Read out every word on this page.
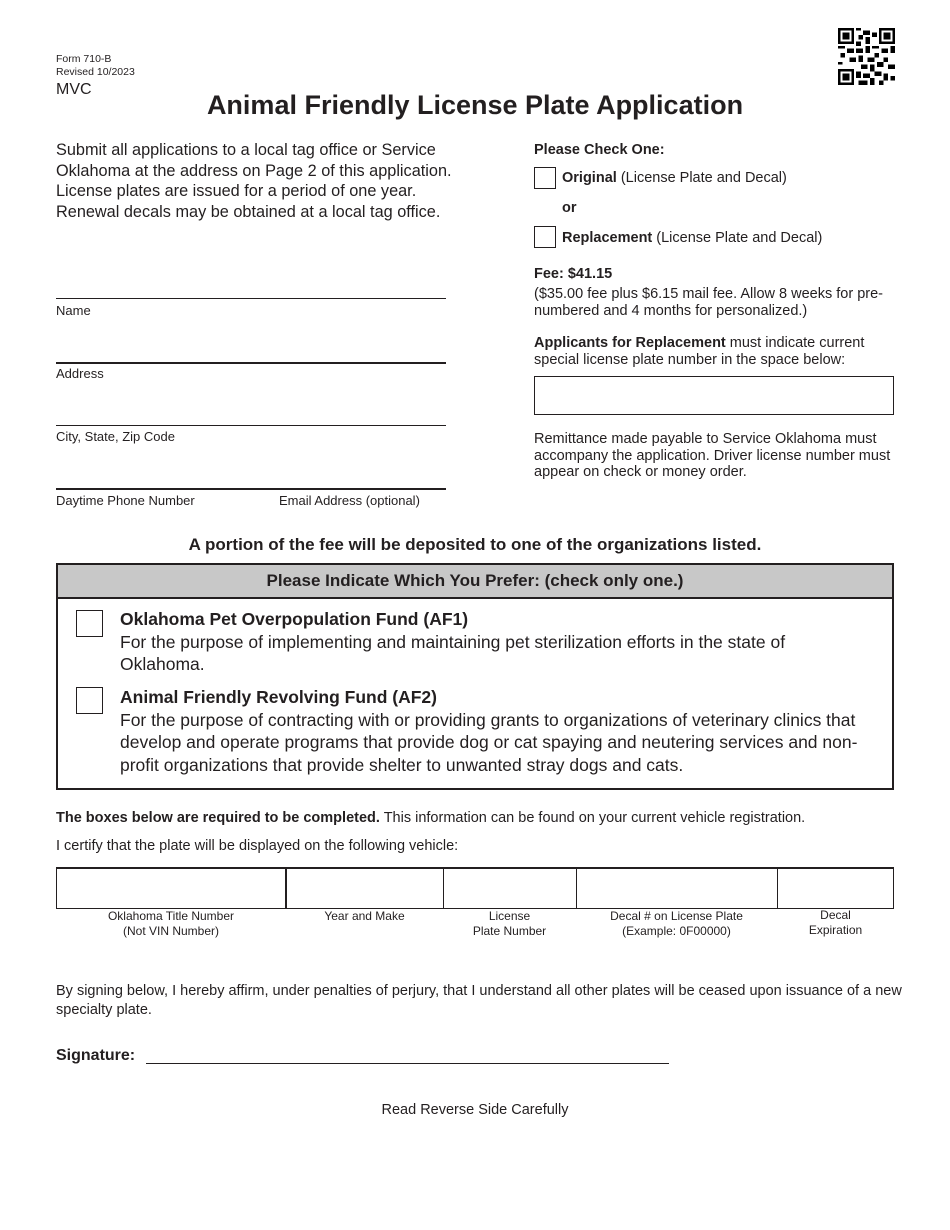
Form 710-B
Revised 10/2023
MVC
Animal Friendly License Plate Application
Submit all applications to a local tag office or Service Oklahoma at the address on Page 2 of this application. License plates are issued for a period of one year. Renewal decals may be obtained at a local tag office.
Name
Address
City, State, Zip Code
Daytime Phone Number	Email Address (optional)
Please Check One:
Original (License Plate and Decal)
or
Replacement (License Plate and Decal)
Fee: $41.15
($35.00 fee plus $6.15 mail fee. Allow 8 weeks for pre-numbered and 4 months for personalized.)
Applicants for Replacement must indicate current special license plate number in the space below:
Remittance made payable to Service Oklahoma must accompany the application. Driver license number must appear on check or money order.
A portion of the fee will be deposited to one of the organizations listed.
Please Indicate Which You Prefer: (check only one.)
Oklahoma Pet Overpopulation Fund (AF1)
For the purpose of implementing and maintaining pet sterilization efforts in the state of Oklahoma.
Animal Friendly Revolving Fund (AF2)
For the purpose of contracting with or providing grants to organizations of veterinary clinics that develop and operate programs that provide dog or cat spaying and neutering services and non-profit organizations that provide shelter to unwanted stray dogs and cats.
The boxes below are required to be completed. This information can be found on your current vehicle registration.
I certify that the plate will be displayed on the following vehicle:
Oklahoma Title Number
(Not VIN Number)
Year and Make	License
Plate Number
Decal # on License Plate
(Example: 0F00000)
Decal
Expiration
By signing below, I hereby affirm, under penalties of perjury, that I understand all other plates will be ceased upon issuance of a new specialty plate.
Signature:
Read Reverse Side Carefully
